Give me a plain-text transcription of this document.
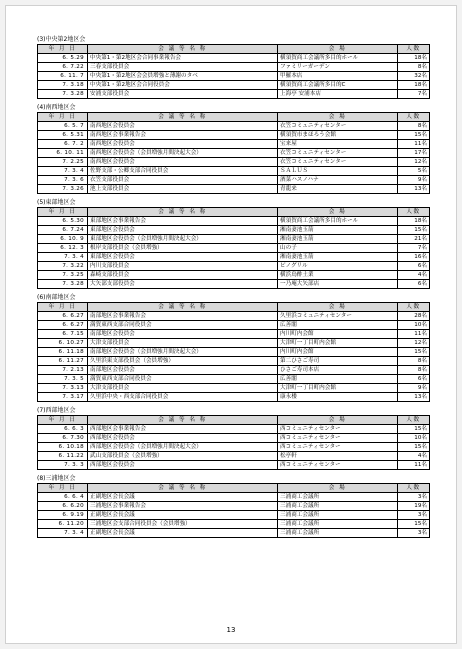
(3)中央第2地区会
年 月 日	会 議 等 名 称	会 場	人数
6. 5.29	中央第1・第2地区会合同事業報告会	横須賀商工会議所多目的ホール	18名
6. 7.22	三春支部役員会	ファミリーガーデン	8名
6. 11. 7	中央第1・第2地区会会員増強と薄謝のタベ	甲羅本店	32名
7. 3.18	中央第1・第2地区会合同役員会	横須賀商工会議所多目的C	18名
7. 3.28	安浦支部役員会	上海亭 安浦本店	7名
(4)南西地区会
年 月 日	会 議 等 名 称	会 場	人数
6. 5. 7	南西地区会役員会	衣笠コミュニティセンター	8名
6. 5.31	南西地区会事業報告会	横須賀市まほろう会館	15名
6. 7. 2	南西地区会役員会	宝来屋	11名
6. 10. 11	南西地区会役員会（会員増強月間決起大会）	衣笠コミュニティセンター	17名
7. 2.25	南西地区会役員会	衣笠コミュニティセンター	12名
7. 3. 4	佐野支部・公郷支部合同役員会	ＳＡＬＵＳ	5名
7. 3. 6	衣笠支部役員会	酒菜ハスノハナ	9名
7. 3.26	池上支部役員会	青龍来	13名
(5)東部地区会
年 月 日	会 議 等 名 称	会 場	人数
6. 5.30	東部地区会事業報告会	横須賀商工会議所多目的ホール	18名
6. 7.24	東部地区会役員会	湘南妻池玉箭	15名
6. 10. 9	東部地区会役員会（会員増強月間決起大会）	湘南妻池玉箭	21名
6. 12. 3	根岸支部役員会（会員増強）	山の子	7名
7. 3. 4	東部地区会役員会	湘南妻池玉箭	16名
7. 3.22	内川支部役員会	ピノグリル	6名
7. 3.25	森崎支部役員会	横浜鳥酢土業	4名
7. 3.28	大矢部支部役員会	一乃庵大矢部店	6名
(6)南部地区会
年 月 日	会 議 等 名 称	会 場	人数
6. 6.27	南部地区会事業報告会	久里浜コミュニティセンター	28名
6. 6.27	満賀東西支部合同役員会	広善閣	10名
6. 7.15	南部地区会役員会	内川町内会館	11名
6. 10.27	大津支部役員会	大津町一丁目町内会館	12名
6. 11.18	南部地区会役員会（会員増強月間決起大会）	内川町内会館	15名
6. 11.27	久里浜東支部役員会（会員増強）	第二ひさご寿司	8名
7. 2.13	南部地区会役員会	ひさご寿司本店	8名
7. 3. 5	満賀東西支部合同役員会	広善閣	6名
7. 3.13	大津支部役員会	大津町一丁目町内会館	9名
7. 3.17	久里浜中央・西支部合同役員会	康永楼	13名
(7)西部地区会
年 月 日	会 議 等 名 称	会 場	人数
6. 6. 3	西部地区会事業報告会	西コミュニティセンター	15名
6. 7.30	西部地区会役員会	西コミュニティセンター	10名
6. 10.18	西部地区会役員会（会員増強月間決起大会）	西コミュニティセンター	15名
6. 11.22	武山支部役員会（会員増強）	松亭軒	4名
7. 3. 3	西部地区会役員会	西コミュニティセンター	11名
(8)三浦地区会
年 月 日	会 議 等 名 称	会 場	人数
6. 6. 4	正副地区会長会議	三浦商工会議所	3名
6. 6.20	三浦地区会事業報告会	三浦商工会議所	19名
6. 9.19	正副地区会長会議	三浦商工会議所	3名
6. 11.20	三浦地区会支部合同役員会（会員増強）	三浦商工会議所	15名
7. 3. 4	正副地区会長会議	三浦商工会議所	3名
13
